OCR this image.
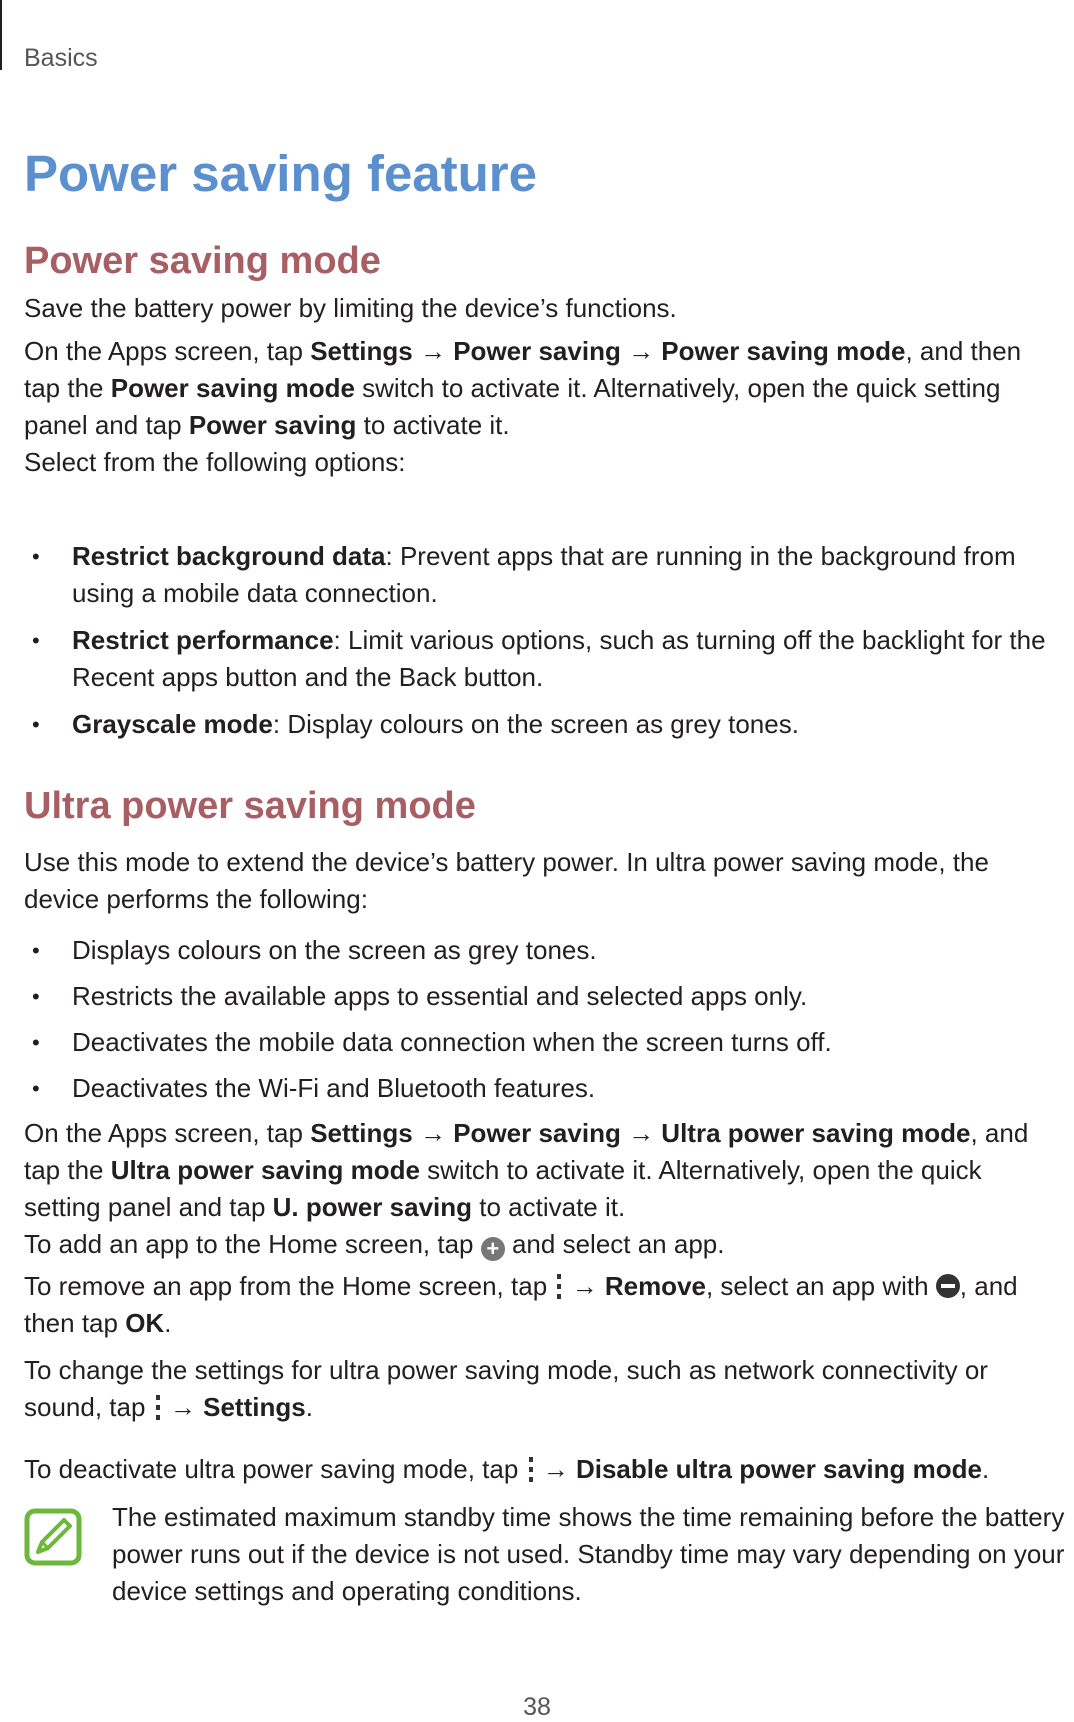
Basics
Power saving feature
Power saving mode

Save the battery power by limiting the device’s functions.

On the Apps screen, tap Settings → Power saving → Power saving mode, and then tap the Power saving mode switch to activate it. Alternatively, open the quick setting panel and tap Power saving to activate it.

Select from the following options:

• Restrict background data: Prevent apps that are running in the background from using a mobile data connection.
• Restrict performance: Limit various options, such as turning off the backlight for the Recent apps button and the Back button.
• Grayscale mode: Display colours on the screen as grey tones.
Ultra power saving mode

Use this mode to extend the device’s battery power. In ultra power saving mode, the device performs the following:

• Displays colours on the screen as grey tones.
• Restricts the available apps to essential and selected apps only.
• Deactivates the mobile data connection when the screen turns off.
• Deactivates the Wi-Fi and Bluetooth features.

On the Apps screen, tap Settings → Power saving → Ultra power saving mode, and tap the Ultra power saving mode switch to activate it. Alternatively, open the quick setting panel and tap U. power saving to activate it.

To add an app to the Home screen, tap + and select an app.

To remove an app from the Home screen, tap
→ Remove, select an app with , and then tap OK.

To change the settings for ultra power saving mode, such as network connectivity or sound, tap
→ Settings.

To deactivate ultra power saving mode, tap
→ Disable ultra power saving mode.

The estimated maximum standby time shows the time remaining before the battery power runs out if the device is not used. Standby time may vary depending on your device settings and operating conditions.

38
